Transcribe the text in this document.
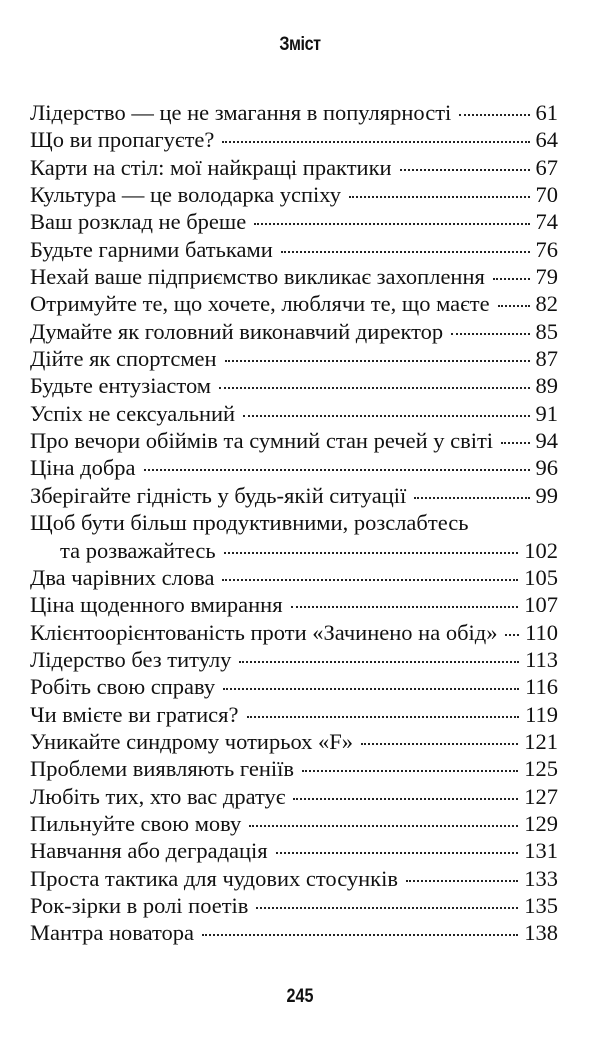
Зміст
Лідерство — це не змагання в популярності	61
Що ви пропагуєте?	64
Карти на стіл: мої найкращі практики	67
Культура — це володарка успіху	70
Ваш розклад не бреше	74
Будьте гарними батьками	76
Нехай ваше підприємство викликає захоплення 79
Отримуйте те, що хочете, люблячи те, що маєте 82
Думайте як головний виконавчий директор	85
Дійте як спортсмен	87
Будьте ентузіастом	89
Успіх не сексуальний	91
Про вечори обіймів та сумний стан речей у світі 94
Ціна добра	96
Зберігайте гідність у будь-якій ситуації	99
Щоб бути більш продуктивними, розслабтесь
та розважайтесь	102
Два чарівних слова	105
Ціна щоденного вмирання	107
Клієнтоорієнтованість проти «Зачинено на обід» 110
Лідерство без титулу	113
Робіть свою справу	116
Чи вмієте ви гратися?	119
Уникайте синдрому чотирьох «F»	121
Проблеми виявляють геніїв	125
Любіть тих, хто вас дратує	127
Пильнуйте свою мову	129
Навчання або деградація	131
Проста тактика для чудових стосунків	133
Рок-зірки в ролі поетів	135
Мантра новатора	138
245
